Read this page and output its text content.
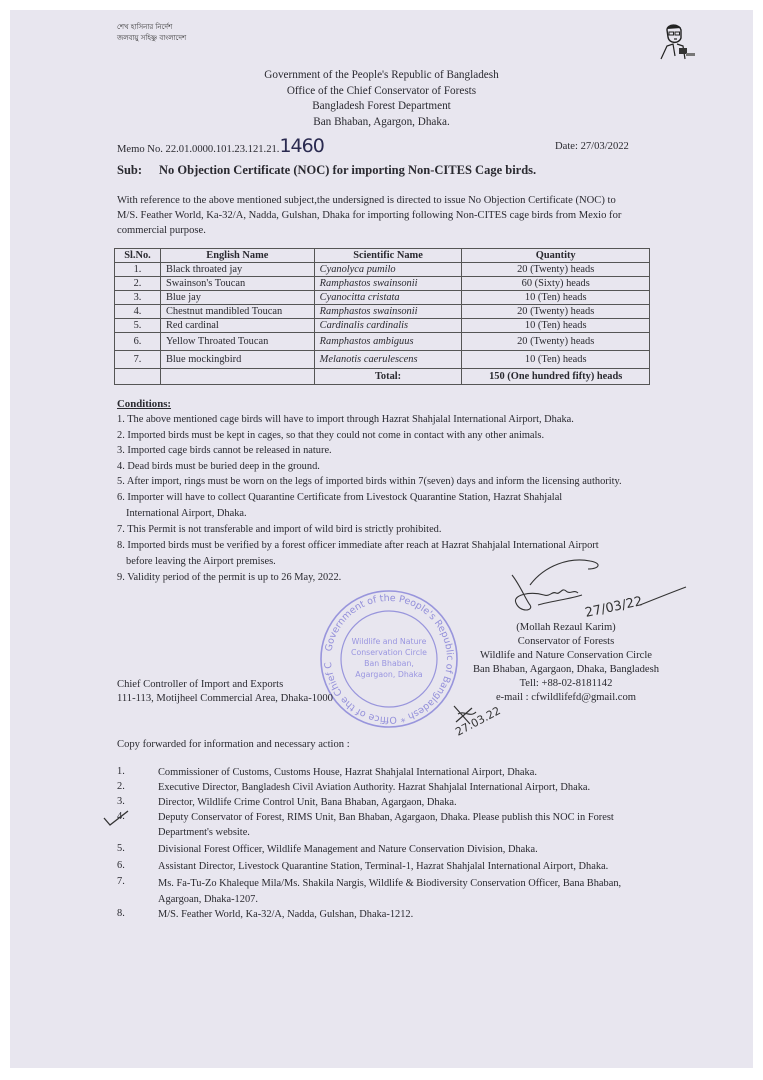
শেখ হাসিনার নির্দেশ
জলবায়ু সহিষ্ণু বাংলাদেশ
Government of the People's Republic of Bangladesh
Office of the Chief Conservator of Forests
Bangladesh Forest Department
Ban Bhaban, Agargon, Dhaka.
Memo No. 22.01.0000.101.23.121.21.1460	Date: 27/03/2022
Sub: No Objection Certificate (NOC) for importing Non-CITES Cage birds.
With reference to the above mentioned subject,the undersigned is directed to issue No Objection Certificate (NOC) to
M/S. Feather World, Ka-32/A, Nadda, Gulshan, Dhaka for importing following Non-CITES cage birds from Mexio for
commercial purpose.
Sl.No.	English Name	Scientific Name	Quantity
1.	Black throated jay	Cyanolyca pumilo	20 (Twenty) heads
2.	Swainson's Toucan	Ramphastos swainsonii	60 (Sixty) heads
3.	Blue jay	Cyanocitta cristata	10 (Ten) heads
4.	Chestnut mandibled Toucan	Ramphastos swainsonii	20 (Twenty) heads
5.	Red cardinal	Cardinalis cardinalis	10 (Ten) heads
6.	Yellow Throated Toucan	Ramphastos ambiguus	20 (Twenty) heads
7.	Blue mockingbird	Melanotis caerulescens	10 (Ten) heads
		Total:	150 (One hundred fifty) heads
Conditions:
1. The above mentioned cage birds will have to import through Hazrat Shahjalal International Airport, Dhaka.
2. Imported birds must be kept in cages, so that they could not come in contact with any other animals.
3. Imported cage birds cannot be released in nature.
4. Dead birds must be buried deep in the ground.
5. After import, rings must be worn on the legs of imported birds within 7(seven) days and inform the licensing authority.
6. Importer will have to collect Quarantine Certificate from Livestock Quarantine Station, Hazrat Shahjalal
International Airport, Dhaka.
7. This Permit is not transferable and import of wild bird is strictly prohibited.
8. Imported birds must be verified by a forest officer immediate after reach at Hazrat Shahjalal International Airport
before leaving the Airport premises.
9. Validity period of the permit is up to 26 May, 2022.
Government of the People's Republic of Bangladesh * Office of the Chief C
Wildlife and Nature
Conservation Circle
Ban Bhaban,
Agargaon, Dhaka
27/03/22
(Mollah Rezaul Karim)
Conservator of Forests
Wildlife and Nature Conservation Circle
Ban Bhaban, Agargaon, Dhaka, Bangladesh
Tell: +88-02-8181142
e-mail : cfwildlifefd@gmail.com
27.03.22
Chief Controller of Import and Exports
111-113, Motijheel Commercial Area, Dhaka-1000
Copy forwarded for information and necessary action :
1.	Commissioner of Customs, Customs House, Hazrat Shahjalal International Airport, Dhaka.
2.	Executive Director, Bangladesh Civil Aviation Authority. Hazrat Shahjalal International Airport, Dhaka.
3.	Director, Wildlife Crime Control Unit, Bana Bhaban, Agargaon, Dhaka.
4.	Deputy Conservator of Forest, RIMS Unit, Ban Bhaban, Agargaon, Dhaka. Please publish this NOC in Forest
Department's website.
5.	Divisional Forest Officer, Wildlife Management and Nature Conservation Division, Dhaka.
6.	Assistant Director, Livestock Quarantine Station, Terminal-1, Hazrat Shahjalal International Airport, Dhaka.
7.	Ms. Fa-Tu-Zo Khaleque Mila/Ms. Shakila Nargis, Wildlife & Biodiversity Conservation Officer, Bana Bhaban,
Agargoan, Dhaka-1207.
8.	M/S. Feather World, Ka-32/A, Nadda, Gulshan, Dhaka-1212.
